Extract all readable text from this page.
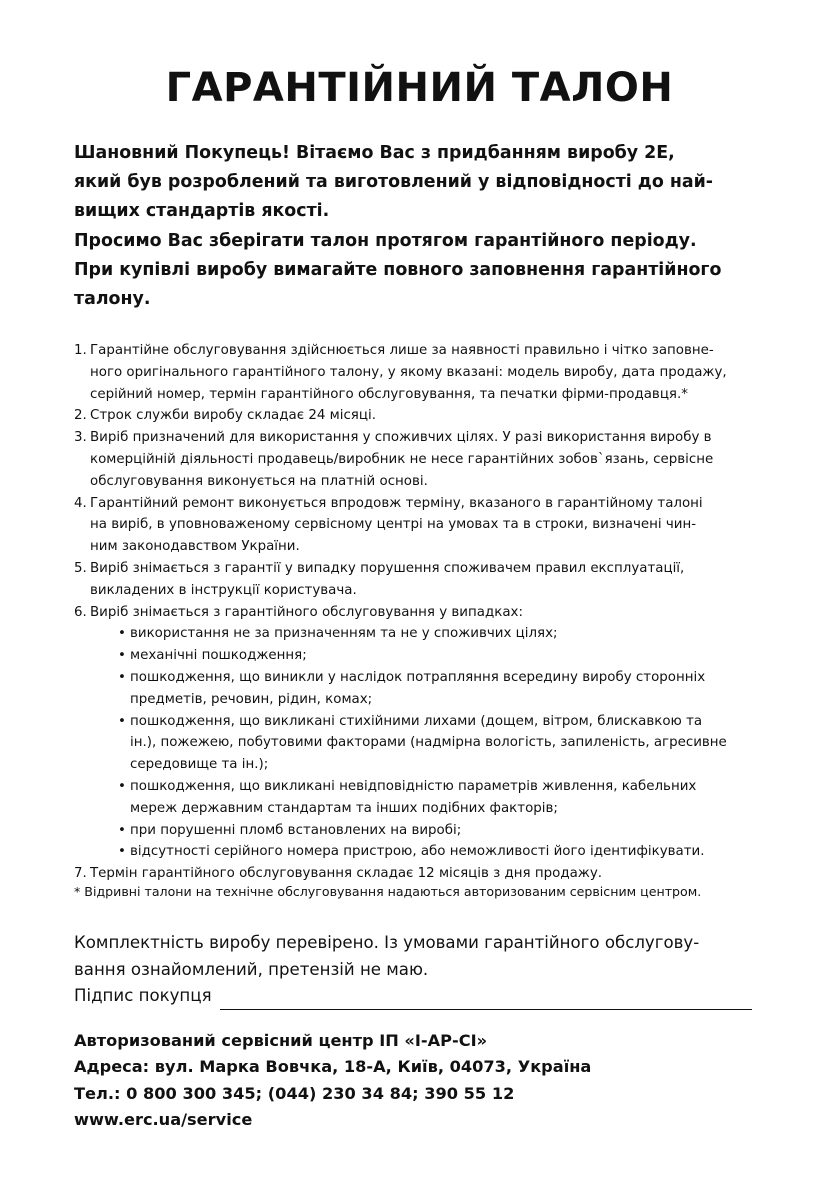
ГАРАНТІЙНИЙ ТАЛОН

Шановний Покупець! Вітаємо Вас з придбанням виробу 2Е,
який був розроблений та виготовлений у відповідності до най-
вищих стандартів якості.

Просимо Вас зберігати талон протягом гарантійного періоду.

При купівлі виробу вимагайте повного заповнення гарантійного
талону.

1. Гарантійне обслуговування здійснюється лише за наявності правильно і чітко заповне-
ного оригінального гарантійного талону, у якому вказані: модель виробу, дата продажу,
серійний номер, термін гарантійного обслуговування, та печатки фірми-продавця.*
2. Строк служби виробу складає 24 місяці.
3. Виріб призначений для використання у споживчих цілях. У разі використання виробу в
комерційній діяльності продавець/виробник не несе гарантійних зобов`язань, сервісне
обслуговування виконується на платній основі.
4. Гарантійний ремонт виконується впродовж терміну, вказаного в гарантійному талоні
на виріб, в уповноваженому сервісному центрі на умовах та в строки, визначені чин-
ним законодавством України.
5. Виріб знімається з гарантії у випадку порушення споживачем правил експлуатації,
викладених в інструкції користувача.
6. Виріб знімається з гарантійного обслуговування у випадках:
• використання не за призначенням та не у споживчих цілях;
• механічні пошкодження;
• пошкодження, що виникли у наслідок потрапляння всередину виробу сторонніх
предметів, речовин, рідин, комах;
• пошкодження, що викликані стихійними лихами (дощем, вітром, блискавкою та
ін.), пожежею, побутовими факторами (надмірна вологість, запиленість, агресивне
середовище та ін.);
• пошкодження, що викликані невідповідністю параметрів живлення, кабельних
мереж державним стандартам та інших подібних факторів;
• при порушенні пломб встановлених на виробі;
• відсутності серійного номера пристрою, або неможливості його ідентифікувати.
7. Термін гарантійного обслуговування складає 12 місяців з дня продажу.
* Відривні талони на технічне обслуговування надаються авторизованим сервісним центром.

Комплектність виробу перевірено. Із умовами гарантійного обслугову-
вання ознайомлений, претензій не маю.

Підпис покупця
Авторизований сервісний центр ІП «І-АР-СІ»
Адреса: вул. Марка Вовчка, 18-А, Київ, 04073, Україна
Тел.: 0 800 300 345; (044) 230 34 84; 390 55 12
www.erc.ua/service
